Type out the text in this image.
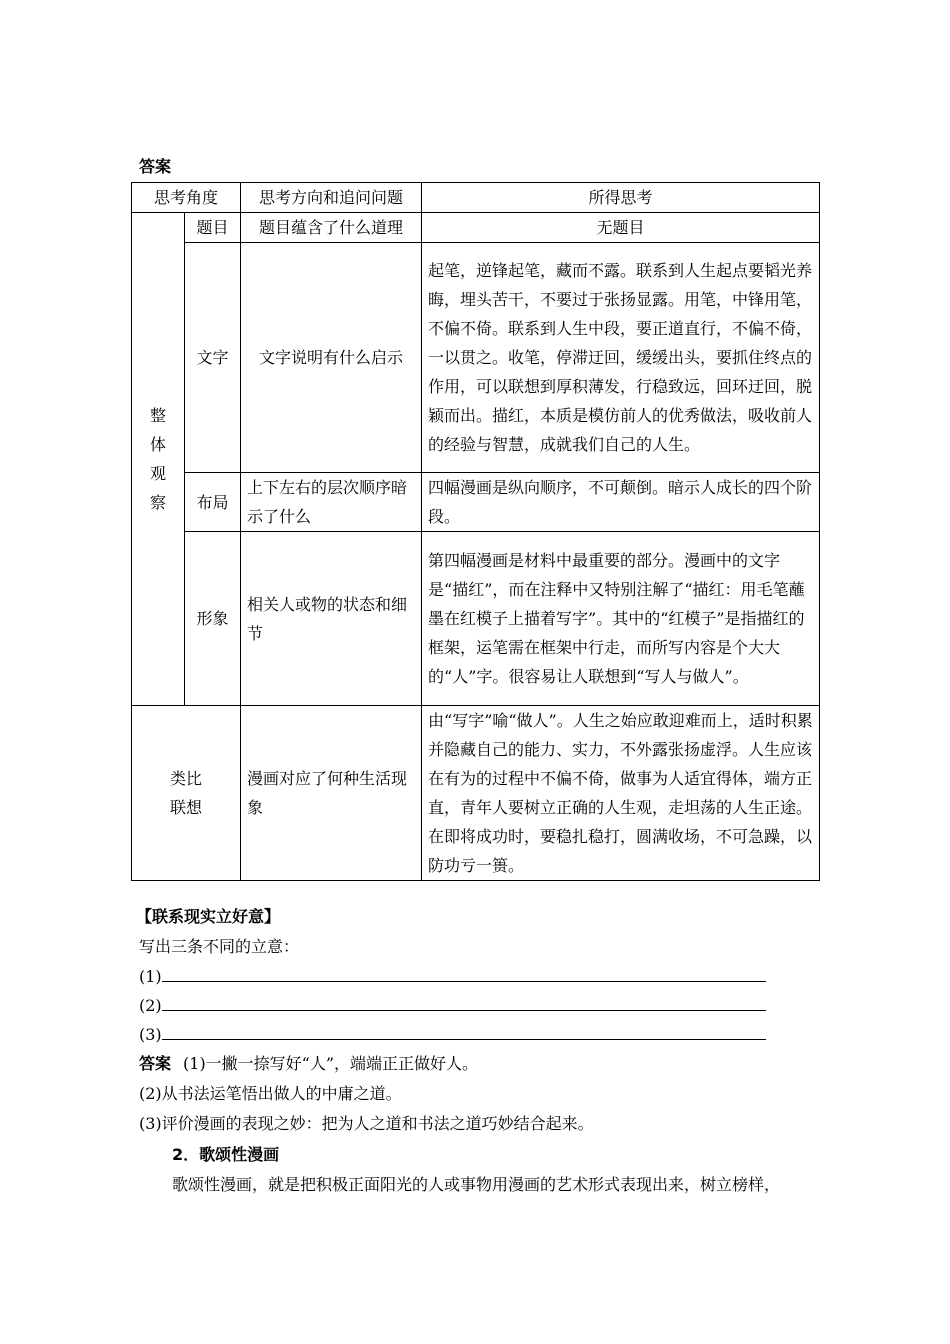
答案
思考角度		思考方向和追问问题	所得思考

整体观察	题目	题目蕴含了什么道理	无题目
	文字	文字说明有什么启示	起笔，逆锋起笔，藏而不露。联系到人生起点要韬光养晦，埋头苦干，不要过于张扬显露。用笔，中锋用笔，不偏不倚。联系到人生中段，要正道直行，不偏不倚，一以贯之。收笔，停滞迂回，缓缓出头，要抓住终点的作用，可以联想到厚积薄发，行稳致远，回环迂回，脱颖而出。描红，本质是模仿前人的优秀做法，吸收前人的经验与智慧，成就我们自己的人生。
	布局	上下左右的层次顺序暗示了什么	四幅漫画是纵向顺序，不可颠倒。暗示人成长的四个阶段。
	形象	相关人或物的状态和细节	第四幅漫画是材料中最重要的部分。漫画中的文字是“描红”，而在注释中又特别注解了“描红：用毛笔蘸墨在红模子上描着写字”。其中的“红模子”是指描红的框架，运笔需在框架中行走，而所写内容是个大大的“人”字。很容易让人联想到“写人与做人”。

类比联想		漫画对应了何种生活现象	由“写字”喻“做人”。人生之始应敢迎难而上，适时积累并隐藏自己的能力、实力，不外露张扬虚浮。人生应该在有为的过程中不偏不倚，做事为人适宜得体，端方正直，青年人要树立正确的人生观，走坦荡的人生正途。在即将成功时，要稳扎稳打，圆满收场，不可急躁，以防功亏一篑。
【联系现实立好意】
写出三条不同的立意：
(1)
(2)
(3)
答案 (1)一撇一捺写好“人”，端端正正做好人。
(2)从书法运笔悟出做人的中庸之道。
(3)评价漫画的表现之妙：把为人之道和书法之道巧妙结合起来。
2．歌颂性漫画
歌颂性漫画，就是把积极正面阳光的人或事物用漫画的艺术形式表现出来，树立榜样，
